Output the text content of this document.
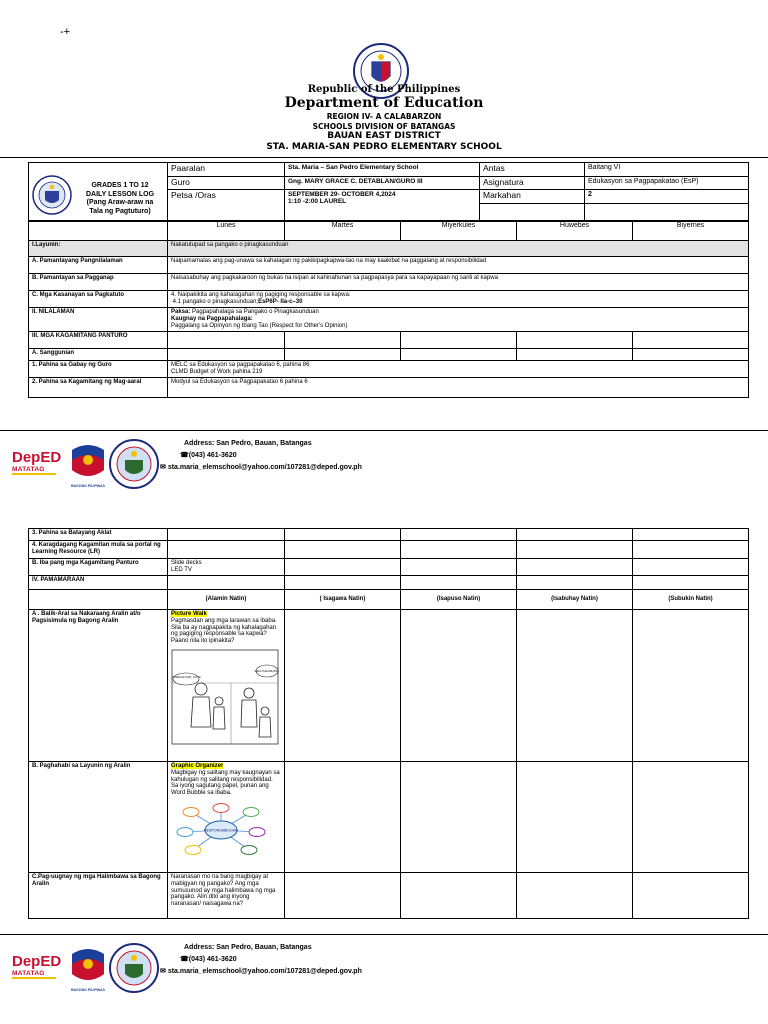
-+
Republic of the Philippines
Department of Education
REGION IV- A CALABARZON
SCHOOLS DIVISION OF BATANGAS
BAUAN EAST DISTRICT
STA. MARIA-SAN PEDRO ELEMENTARY SCHOOL
GRADES 1 TO 12
DAILY LESSON LOG
(Pang Araw-araw na
Tala ng Pagtuturo)	Paaralan	Sta. Maria – San Pedro Elementary School	Antas	Baitang VI
	Guro	Gng. MARY GRACE C. DETABLAN/GURO III	Asignatura	Edukasyon sa Pagpapakatao (EsP)
	Petsa /Oras	SEPTEMBER 29- OCTOBER 4,2024
1:10 -2:00 LAUREL	Markahan	2

	Lunes	Martes	Miyerkules	Huwebes	Biyernes
I.Layunin:	Nakatutupad sa pangako o pinagkasunduan				
A. Pamantayang Pangnilalaman	Naipamamalas ang pag-unawa sa kahalagan ng pakikipagkapwa-tao na may kaakibat na paggalang at responsibilidad				
B. Pamantayan sa Pagganap	Naisasabuhay ang pagkakaroon ng bukas na isipan at kahinahunan sa pagpapasya para sa kapayapaan ng sarili at kapwa				
C. Mga Kasanayan sa Pagkatuto	4. Naipakikita ang kahalagahan ng pagiging responsable sa kapwa:
4.1 pangako o pinagkasunduan;EsP6P- IIa-c–30				

II. NILALAMAN	Paksa: Pagpapahalaga sa Pangako o Pinagkasunduan
Kaugnay na Pagpapahalaga:
Paggalang sa Opinyon ng Ibang Tao (Respect for Other's Opinion)				

III. MGA KAGAMITANG PANTURO					
A. Sanggunian					
1. Pahina sa Gabay ng Guro	MELC sa Edukasyon sa pagpapakatao 6, pahina 86
CLMD Budget of Work pahina 219				

2. Pahina sa Kagamitang ng Mag-aaral	Modyul sa Edukasyon sa Pagpapakatao 6 pahina 6				
DepED
MATATAG
BAGONG PILIPINAS
Address: San Pedro, Bauan, Batangas
☎(043) 461-3620
✉ sta.maria_elemschool@yahoo.com/107281@deped.gov.ph
3. Pahina sa Batayang Aklat					
4. Karagdagang Kagamitan mula sa portal ng Learning Resource (LR)					
B. Iba pang mga Kagamitang Panturo	Slide decks
LED TV				

IV. PAMAMARAAN					
	(Alamin Natin)	( Isagawa Natin)	(Isapuso Natin)	(Isabuhay Natin)	(Subukin Natin)
A . Balik-Aral sa Nakaraang Aralin at/o Pagsisimula ng Bagong Aralin	Picture Walk
Pagmasdan ang mga larawan sa ibaba. Sila ba ay nagpapakita ng kahalagahan ng pagiging responsable sa kapwa? Paano nila ito ipinakita?
TANDUAN MO, KUYA
WAG KALIMUTAN				

B. Paghahabi sa Layunin ng Aralin	Graphic Organizer
Magbigay ng salitang may kaugnayan sa kahulugan ng salitang responsibilidad. Sa iyong sagutang papel, punan ang Word Bubble sa ibaba.
RESPONSABILIDAD				

C.Pag-uugnay ng mga Halimbawa sa Bagong Aralin	Naranasan mo na bang magbigay at mabigyan ng pangako? Ang mga sumusunod ay mga halimbawa ng mga pangako. Alin dito ang inyong naranasan/ naisagawa na?				
DepED
MATATAG
BAGONG PILIPINAS
Address: San Pedro, Bauan, Batangas
☎(043) 461-3620
✉ sta.maria_elemschool@yahoo.com/107281@deped.gov.ph
